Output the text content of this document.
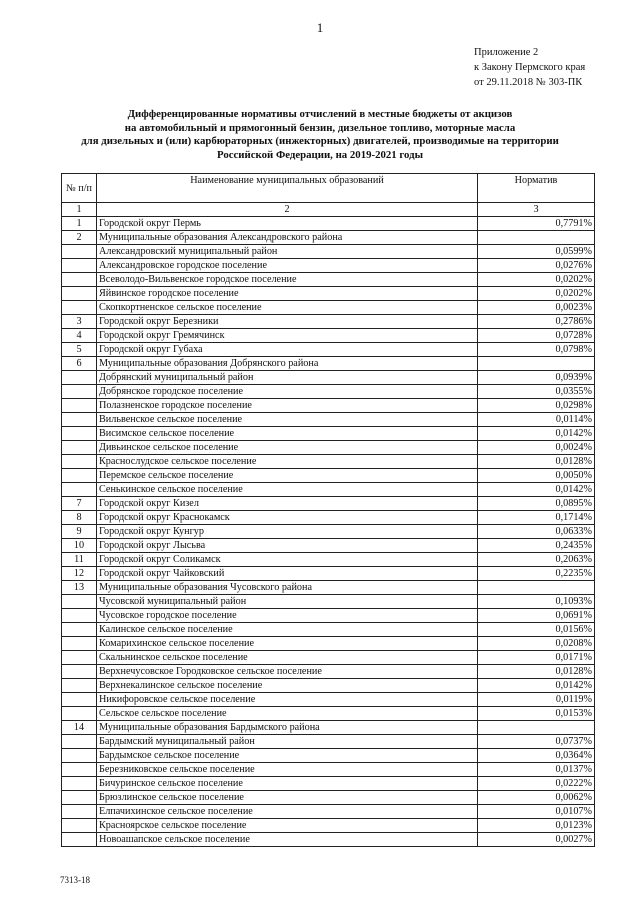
1
Приложение 2
к Закону Пермского края
от 29.11.2018 № 303-ПК
Дифференцированные нормативы отчислений в местные бюджеты от акцизов
на автомобильный и прямогонный бензин, дизельное топливо, моторные масла
для дизельных и (или) карбюраторных (инжекторных) двигателей, производимые на территории
Российской Федерации, на 2019-2021 годы
№ п/п	Наименование муниципальных образований	Норматив
1	2	3
1	Городской округ Пермь	0,7791%
2	Муниципальные образования Александровского района	
	Александровский муниципальный район	0,0599%
	Александровское городское поселение	0,0276%
	Всеволодо-Вильвенское городское поселение	0,0202%
	Яйвинское городское поселение	0,0202%
	Скопкортненское сельское поселение	0,0023%
3	Городской округ Березники	0,2786%
4	Городской округ Гремячинск	0,0728%
5	Городской округ Губаха	0,0798%
6	Муниципальные образования Добрянского района	
	Добрянский муниципальный район	0,0939%
	Добрянское городское поселение	0,0355%
	Полазненское городское поселение	0,0298%
	Вильвенское сельское поселение	0,0114%
	Висимское сельское поселение	0,0142%
	Дивьинское сельское поселение	0,0024%
	Краснослудское сельское поселение	0,0128%
	Перемское сельское поселение	0,0050%
	Сенькинское сельское поселение	0,0142%
7	Городской округ Кизел	0,0895%
8	Городской округ Краснокамск	0,1714%
9	Городской округ Кунгур	0,0633%
10	Городской округ Лысьва	0,2435%
11	Городской округ Соликамск	0,2063%
12	Городской округ Чайковский	0,2235%
13	Муниципальные образования Чусовского района	
	Чусовской муниципальный район	0,1093%
	Чусовское городское поселение	0,0691%
	Калинское сельское поселение	0,0156%
	Комарихинское сельское поселение	0,0208%
	Скальнинское сельское поселение	0,0171%
	Верхнечусовское Городковское сельское поселение	0,0128%
	Верхнекалинское сельское поселение	0,0142%
	Никифоровское сельское поселение	0,0119%
	Сельское сельское поселение	0,0153%
14	Муниципальные образования Бардымского района	
	Бардымский муниципальный район	0,0737%
	Бардымское сельское поселение	0,0364%
	Березниковское сельское поселение	0,0137%
	Бичуринское сельское поселение	0,0222%
	Брюзлинское сельское поселение	0,0062%
	Елпачихинское сельское поселение	0,0107%
	Красноярское сельское поселение	0,0123%
	Новоашапское сельское поселение	0,0027%
7313-18
